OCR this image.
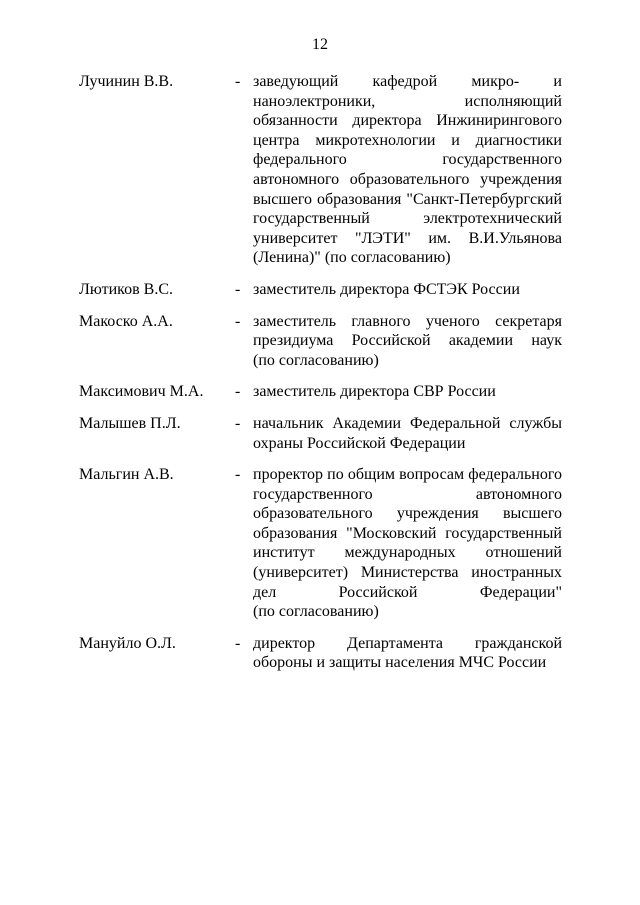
12
Лучинин В.В.	- заведующий кафедрой микро- и
наноэлектроники, исполняющий
обязанности директора Инжинирингового
центра микротехнологии и диагностики
федерального государственного
автономного образовательного учреждения
высшего образования "Санкт-Петербургский
государственный электротехнический
университет "ЛЭТИ" им. В.И.Ульянова
(Ленина)" (по согласованию)
Лютиков В.С.	- заместитель директора ФСТЭК России
Макоско А.А.	- заместитель главного ученого секретаря
президиума Российской академии наук
(по согласованию)
Максимович М.А. - заместитель директора СВР России
Малышев П.Л.	- начальник Академии Федеральной службы
охраны Российской Федерации
Мальгин А.В.	- проректор по общим вопросам федерального
государственного автономного
образовательного учреждения высшего
образования "Московский государственный
институт международных отношений
(университет) Министерства иностранных
дел Российской Федерации"
(по согласованию)
Мануйло О.Л.	- директор Департамента гражданской
обороны и защиты населения МЧС России
